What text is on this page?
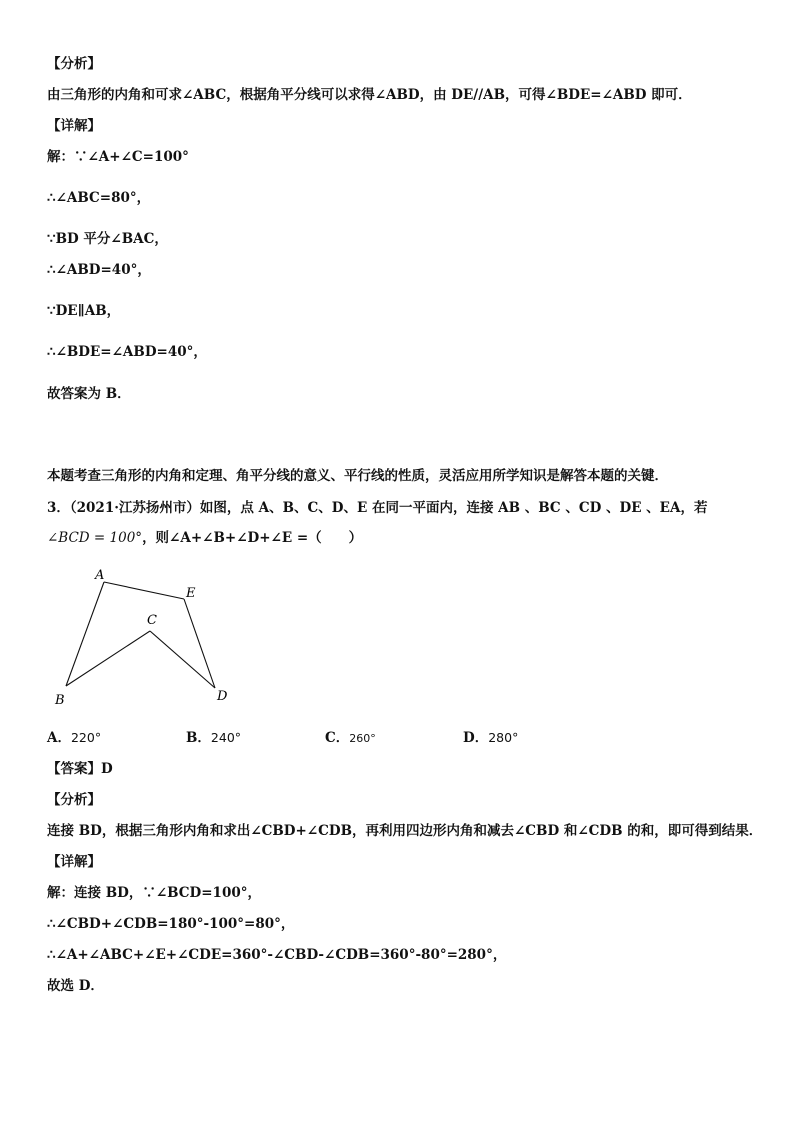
【分析】
由三角形的内角和可求∠ABC，根据角平分线可以求得∠ABD，由 DE//AB，可得∠BDE=∠ABD 即可．
【详解】
解：∵∠A+∠C=100°
∴∠ABC=80°，
∵BD 平分∠BAC，
∴∠ABD=40°，
∵DE∥AB，
∴∠BDE=∠ABD=40°，
故答案为 B．
本题考查三角形的内角和定理、角平分线的意义、平行线的性质，灵活应用所学知识是解答本题的关键．
3．（2021·江苏扬州市）如图，点 A、B、C、D、E 在同一平面内，连接 AB 、BC 、CD 、DE 、EA，若
∠BCD = 100°，则∠A+∠B+∠D+∠E =（　　）
A
E
C
B	D
A．220°	B．240°	C．260°	D．280°
【答案】D
【分析】
连接 BD，根据三角形内角和求出∠CBD+∠CDB，再利用四边形内角和减去∠CBD 和∠CDB 的和，即可得到结果．
【详解】
解：连接 BD，∵∠BCD=100°，
∴∠CBD+∠CDB=180°-100°=80°，
∴∠A+∠ABC+∠E+∠CDE=360°-∠CBD-∠CDB=360°-80°=280°，
故选 D．
